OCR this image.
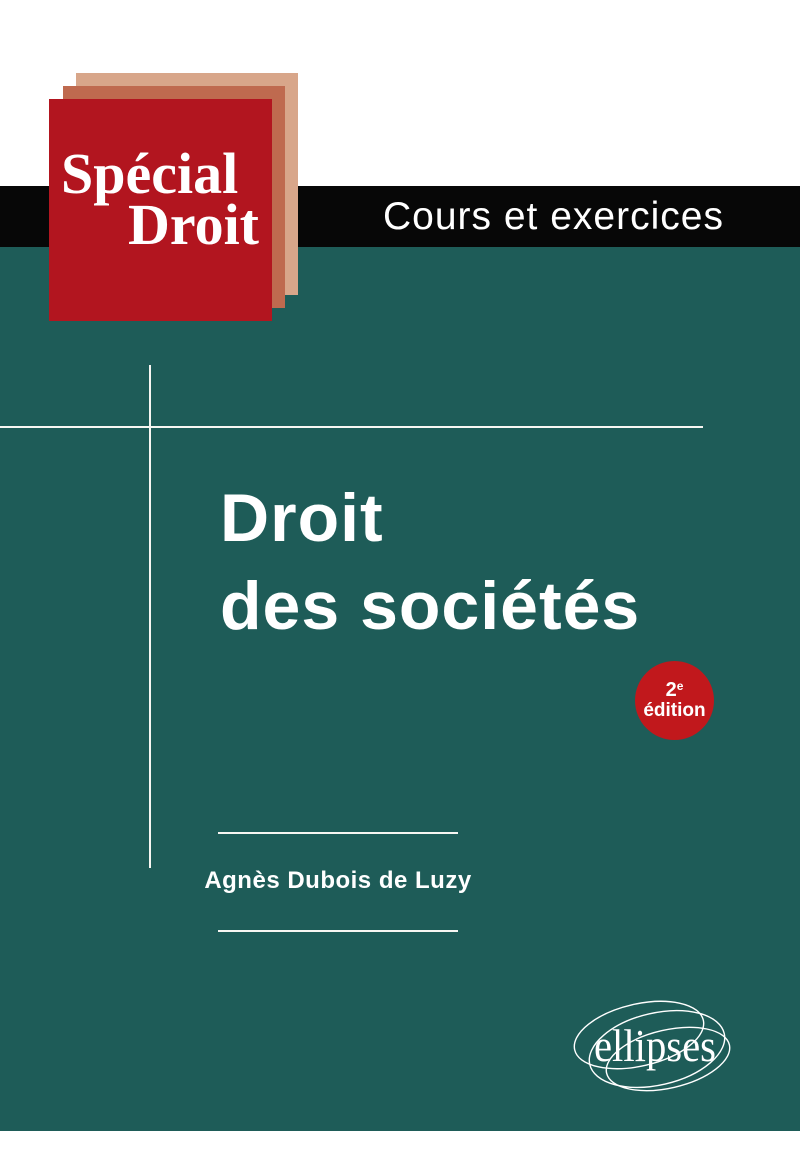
Cours et exercices
Spécial
Droit
Droit
des sociétés
2e
édition
Agnès Dubois de Luzy
ellipses
